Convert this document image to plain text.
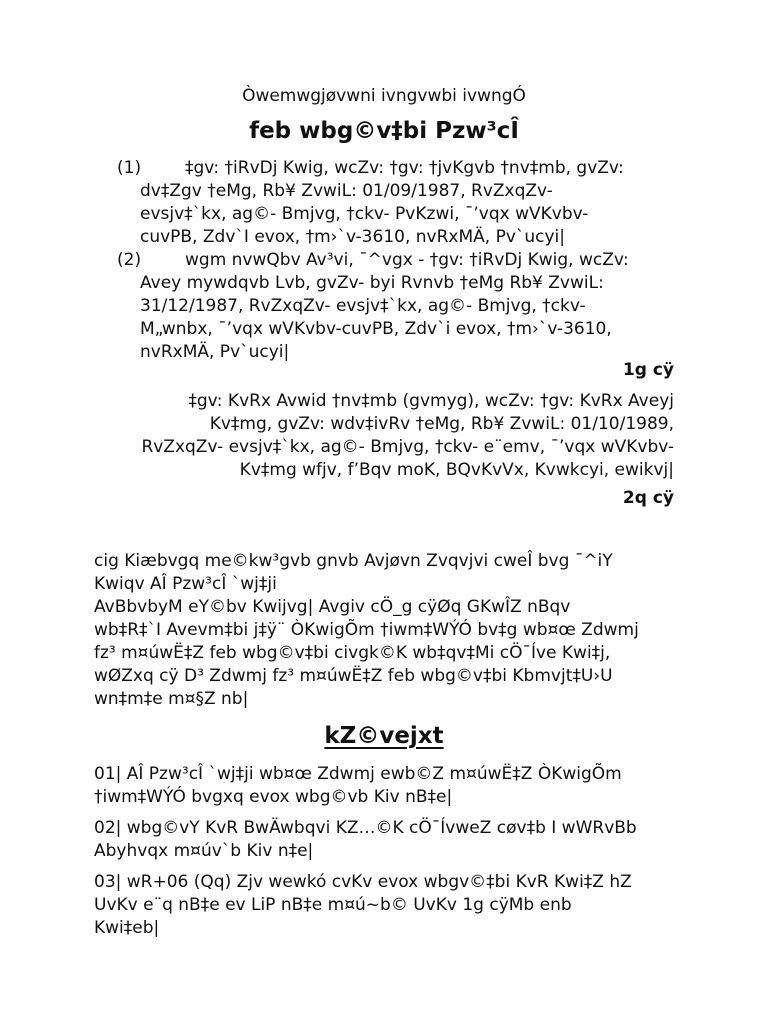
Òwemwgjøvwni ivngvwbi ivwngÓ
feb wbg©v‡bi Pzw³cÎ
(1)	‡gv: †iRvDj Kwig, wcZv: †gv: †jvKgvb †nv‡mb, gvZv:
dv‡Zgv †eMg, Rb¥ ZvwiL: 01/09/1987, RvZxqZv-
evsjv‡`kx, ag©- Bmjvg, †ckv- PvKzwi, ¯’vqx wVKvbv-
cuvPB, Zdv`I evox, †m›`v-3610, nvRxMÄ, Pv`ucyi|
(2)	wgm nvwQbv Av³vi, ¯^vgx - †gv: †iRvDj Kwig, wcZv:
Avey mywdqvb Lvb, gvZv- byi Rvnvb †eMg Rb¥ ZvwiL:
31/12/1987, RvZxqZv- evsjv‡`kx, ag©- Bmjvg, †ckv-
M„wnbx, ¯’vqx wVKvbv-cuvPB, Zdv`i evox, †m›`v-3610,
nvRxMÄ, Pv`ucyi|
1g cÿ
‡gv: KvRx Avwid †nv‡mb (gvmyg), wcZv: †gv: KvRx Aveyj
Kv‡mg, gvZv: wdv‡ivRv †eMg, Rb¥ ZvwiL: 01/10/1989,
RvZxqZv- evsjv‡`kx, ag©- Bmjvg, †ckv- e¨emv, ¯’vqx wVKvbv-
Kv‡mg wfjv, f’Bqv moK, BQvKvVx, Kvwkcyi, ewikvj|
2q cÿ
cig Kiæbvgq me©kw³gvb gnvb Avjøvn Zvqvjvi cweÎ bvg ¯^iY
Kwiqv AÎ Pzw³cÎ `wj‡ji
AvBbvbyM eY©bv Kwijvg| Avgiv cÖ_g cÿØq GKwÎZ nBqv
wb‡R‡`I Avevm‡bi j‡ÿ¨ ÒKwigÕm †iwm‡WÝÓ bv‡g wb¤œ Zdwmj
fz³ m¤úwË‡Z feb wbg©v‡bi civgk©K wb‡qv‡Mi cÖ¯Íve Kwi‡j,
wØZxq cÿ D³ Zdwmj fz³ m¤úwË‡Z feb wbg©v‡bi Kbmvjt‡U›U
wn‡m‡e m¤§Z nb|
kZ©vejxt
01| AÎ Pzw³cÎ `wj‡ji wb¤œ Zdwmj ewb©Z m¤úwË‡Z ÒKwigÕm
†iwm‡WÝÓ bvgxq evox wbg©vb Kiv nB‡e|
02| wbg©vY KvR BwÄwbqvi KZ…©K cÖ¯ÍvweZ cøv‡b I wWRvBb
Abyhvqx m¤úv`b Kiv n‡e|
03| wR+06 (Qq) Zjv wewkó cvKv evox wbgv©‡bi KvR Kwi‡Z hZ
UvKv e¨q nB‡e ev LiP nB‡e m¤ú~b© UvKv 1g cÿMb enb
Kwi‡eb|
